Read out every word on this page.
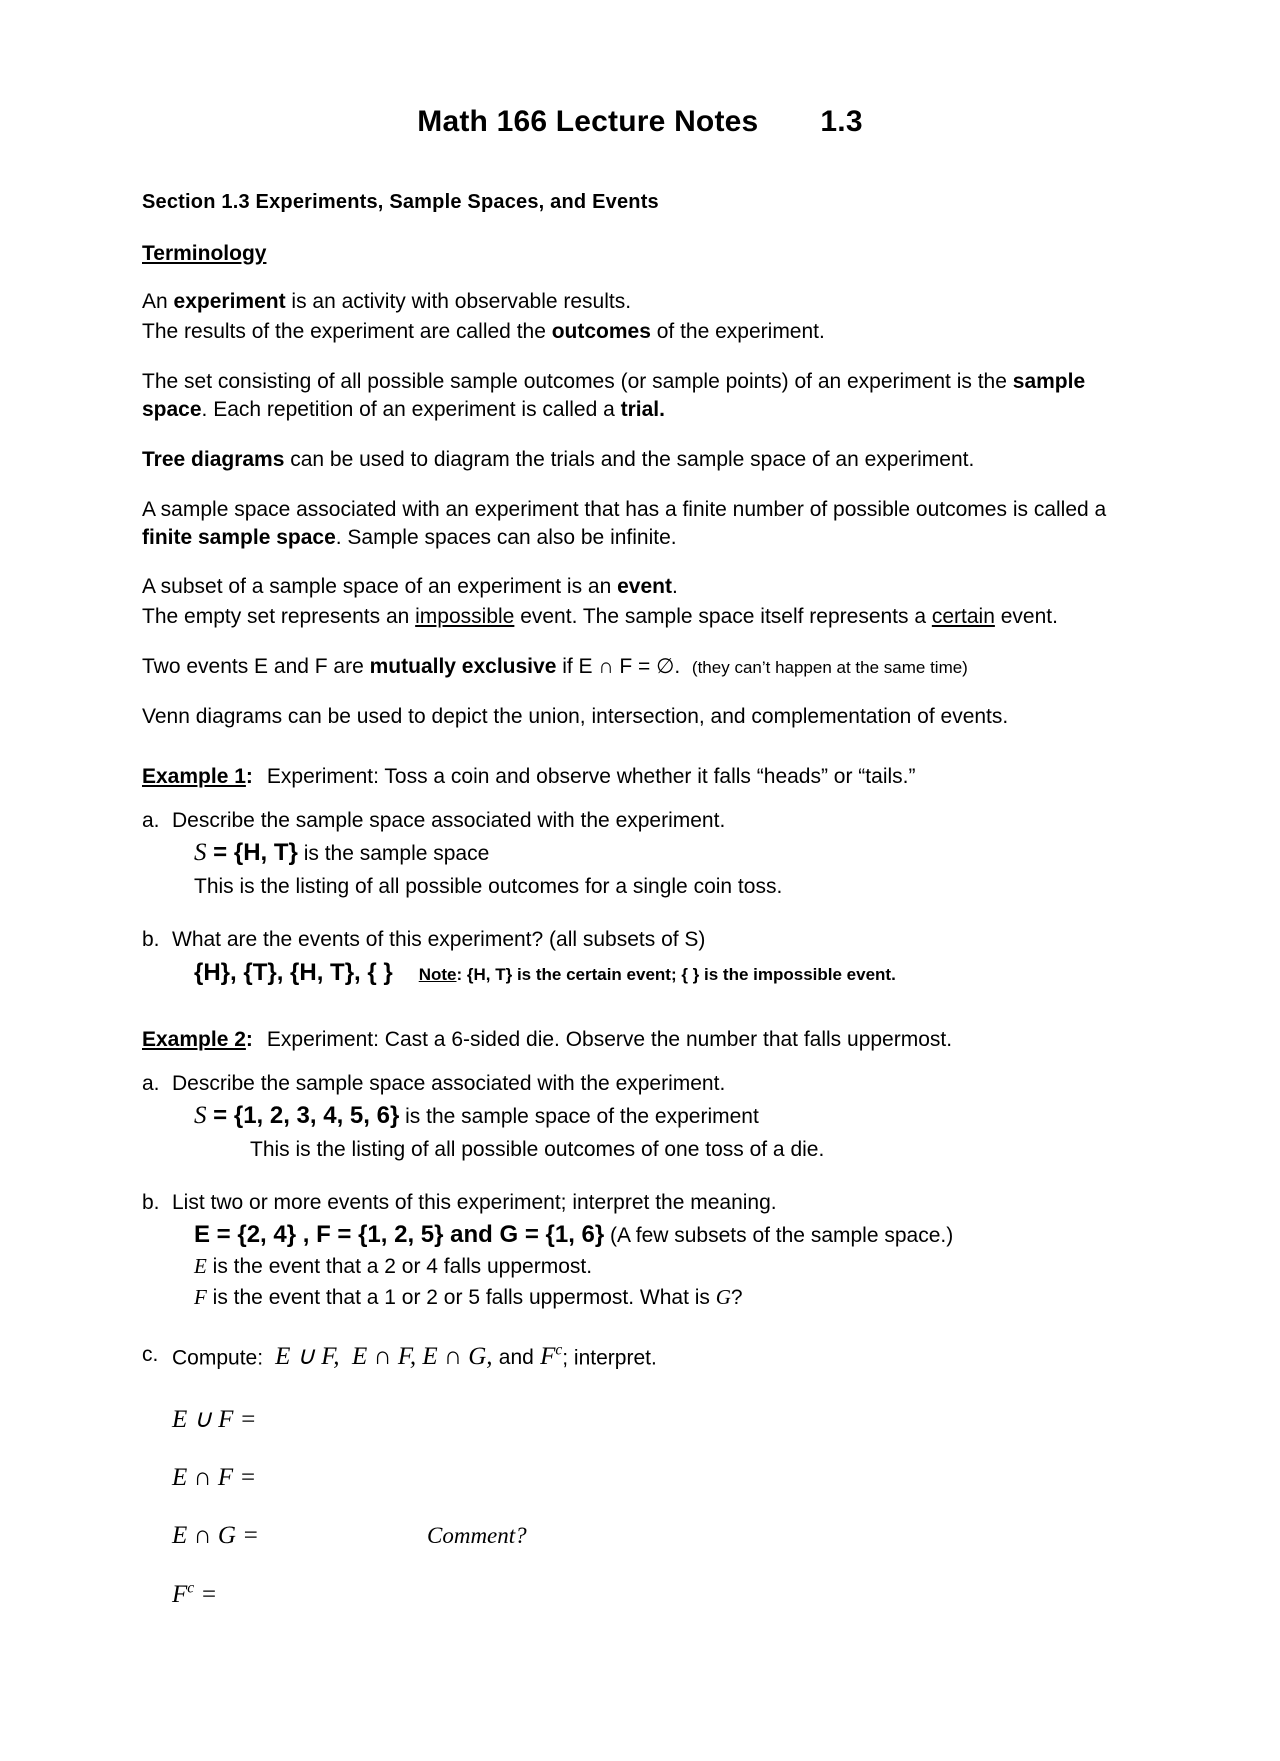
Math 166 Lecture Notes 1.3
Section 1.3 Experiments, Sample Spaces, and Events
Terminology

An experiment is an activity with observable results.

The results of the experiment are called the outcomes of the experiment.

The set consisting of all possible sample outcomes (or sample points) of an experiment is the sample space. Each repetition of an experiment is called a trial.

Tree diagrams can be used to diagram the trials and the sample space of an experiment.

A sample space associated with an experiment that has a finite number of possible outcomes is called a finite sample space. Sample spaces can also be infinite.

A subset of a sample space of an experiment is an event.

The empty set represents an impossible event. The sample space itself represents a certain event.

Two events E and F are mutually exclusive if E ∩ F = ∅. (they can’t happen at the same time)

Venn diagrams can be used to depict the union, intersection, and complementation of events.

Example 1: Experiment: Toss a coin and observe whether it falls “heads” or “tails.”
a. Describe the sample space associated with the experiment.
S = {H, T} is the sample space
This is the listing of all possible outcomes for a single coin toss.
b. What are the events of this experiment? (all subsets of S)
{H}, {T}, {H, T}, { } Note: {H, T} is the certain event; { } is the impossible event.
Example 2: Experiment: Cast a 6-sided die. Observe the number that falls uppermost.
a. Describe the sample space associated with the experiment.
S = {1, 2, 3, 4, 5, 6} is the sample space of the experiment
This is the listing of all possible outcomes of one toss of a die.
b. List two or more events of this experiment; interpret the meaning.
E = {2, 4} , F = {1, 2, 5} and G = {1, 6} (A few subsets of the sample space.)
E is the event that a 2 or 4 falls uppermost.
F is the event that a 1 or 2 or 5 falls uppermost. What is G?
c. Compute: E ∪ F, E ∩ F, E ∩ G, and $F^c$; interpret.
E ∪ F =
E ∩ F =
E ∩ G =	Comment?
$F^c$ =
